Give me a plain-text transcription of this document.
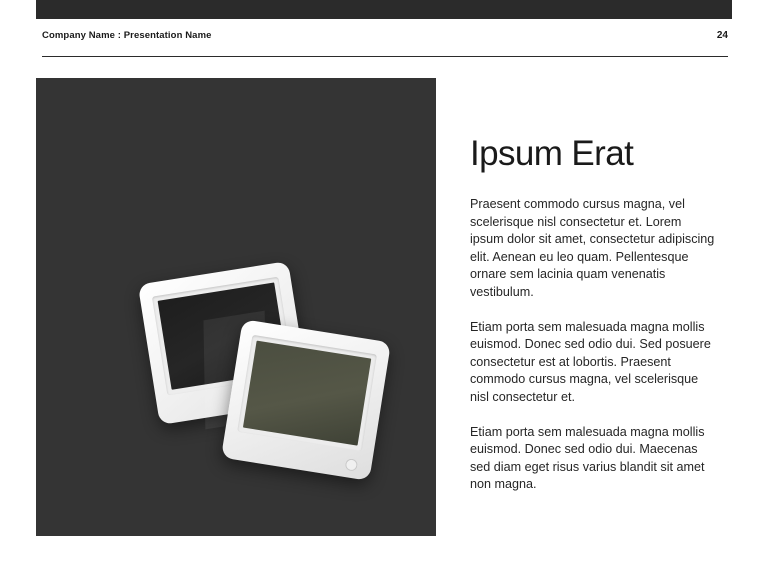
Company Name : Presentation Name	24
Ipsum Erat

Praesent commodo cursus magna, vel scelerisque nisl consectetur et. Lorem ipsum dolor sit amet, consectetur adipiscing elit. Aenean eu leo quam. Pellentesque ornare sem lacinia quam venenatis vestibulum.

Etiam porta sem malesuada magna mollis euismod. Donec sed odio dui. Sed posuere consectetur est at lobortis. Praesent commodo cursus magna, vel scelerisque nisl consectetur et.

Etiam porta sem malesuada magna mollis euismod. Donec sed odio dui. Maecenas sed diam eget risus varius blandit sit amet non magna.
